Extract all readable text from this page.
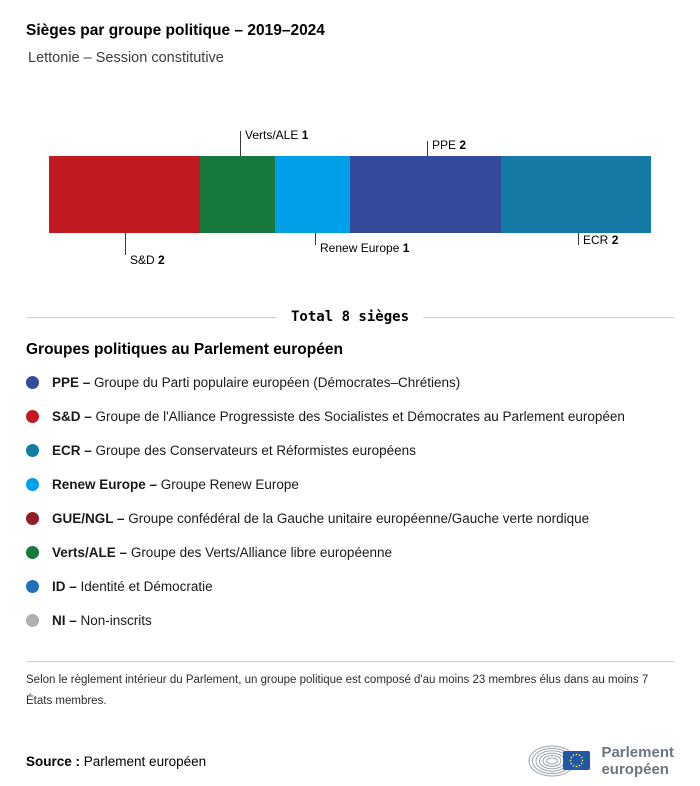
Sièges par groupe politique – 2019–2024
Lettonie – Session constitutive
Verts/ALE 1
PPE 2
S&D 2
Renew Europe 1
ECR 2
Total 8 sièges
Groupes politiques au Parlement européen
PPE – Groupe du Parti populaire européen (Démocrates–Chrétiens)
S&D – Groupe de l'Alliance Progressiste des Socialistes et Démocrates au Parlement européen
ECR – Groupe des Conservateurs et Réformistes européens
Renew Europe – Groupe Renew Europe
GUE/NGL – Groupe confédéral de la Gauche unitaire européenne/Gauche verte nordique
Verts/ALE – Groupe des Verts/Alliance libre européenne
ID – Identité et Démocratie
NI – Non-inscrits
Selon le règlement intérieur du Parlement, un groupe politique est composé d'au moins 23 membres élus dans au moins 7 États membres.
Source : Parlement européen	Parlement
européen
